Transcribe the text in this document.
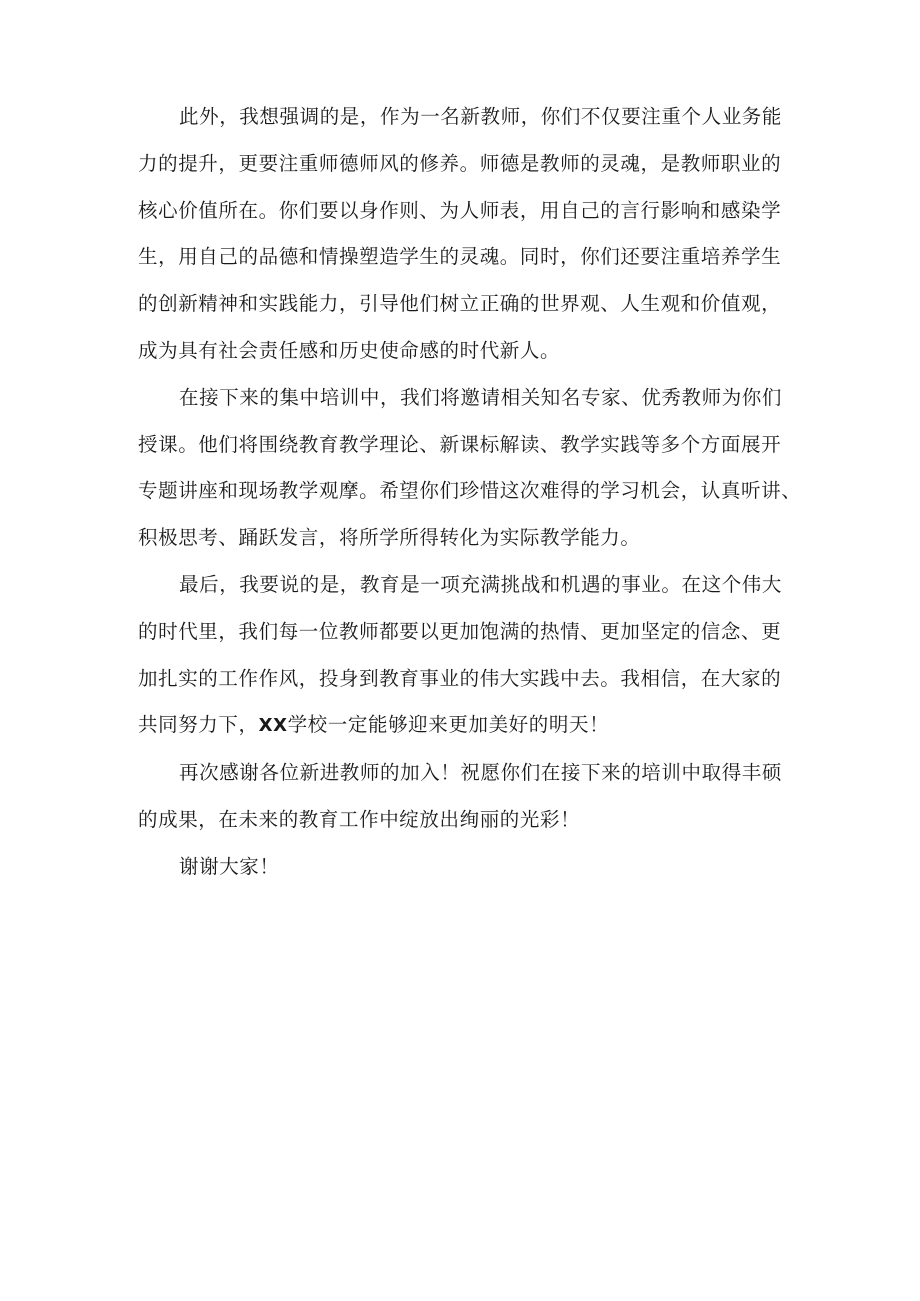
此外，我想强调的是，作为一名新教师，你们不仅要注重个人业务能
力的提升，更要注重师德师风的修养。师德是教师的灵魂，是教师职业的
核心价值所在。你们要以身作则、为人师表，用自己的言行影响和感染学
生，用自己的品德和情操塑造学生的灵魂。同时，你们还要注重培养学生
的创新精神和实践能力，引导他们树立正确的世界观、人生观和价值观，
成为具有社会责任感和历史使命感的时代新人。
在接下来的集中培训中，我们将邀请相关知名专家、优秀教师为你们
授课。他们将围绕教育教学理论、新课标解读、教学实践等多个方面展开
专题讲座和现场教学观摩。希望你们珍惜这次难得的学习机会，认真听讲、
积极思考、踊跃发言，将所学所得转化为实际教学能力。
最后，我要说的是，教育是一项充满挑战和机遇的事业。在这个伟大
的时代里，我们每一位教师都要以更加饱满的热情、更加坚定的信念、更
加扎实的工作作风，投身到教育事业的伟大实践中去。我相信，在大家的
共同努力下，XX学校一定能够迎来更加美好的明天！
再次感谢各位新进教师的加入！祝愿你们在接下来的培训中取得丰硕
的成果，在未来的教育工作中绽放出绚丽的光彩！
谢谢大家！
